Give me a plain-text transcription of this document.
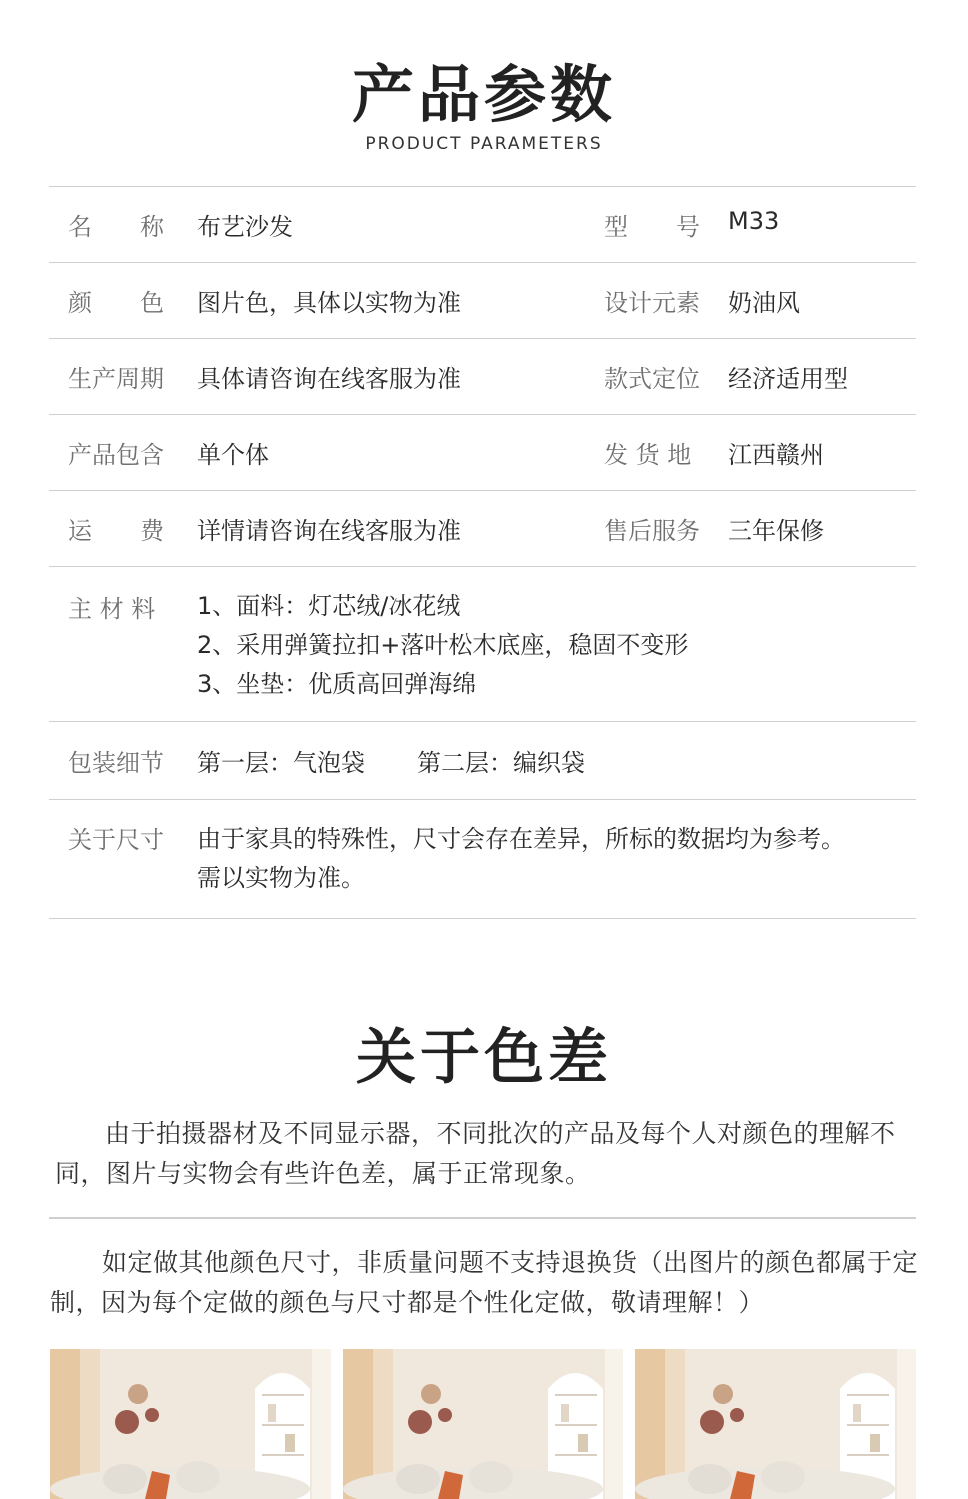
产品参数
PRODUCT PARAMETERS
名　　称 布艺沙发	型　　号 M33
颜　　色 图片色，具体以实物为准	设计元素 奶油风
生产周期 具体请咨询在线客服为准	款式定位 经济适用型
产品包含 单个体	发 货 地	江西赣州
运　　费 详情请咨询在线客服为准	售后服务 三年保修
主 材 料	1、面料：灯芯绒/冰花绒
2、采用弹簧拉扣+落叶松木底座，稳固不变形
3、坐垫：优质高回弹海绵
包装细节 第一层：气泡袋 第二层：编织袋
关于尺寸 由于家具的特殊性，尺寸会存在差异，所标的数据均为参考。
需以实物为准。
关于色差
由于拍摄器材及不同显示器，不同批次的产品及每个人对颜色的理解不同，图片与实物会有些许色差，属于正常现象。
如定做其他颜色尺寸，非质量问题不支持退换货（出图片的颜色都属于定制，因为每个定做的颜色与尺寸都是个性化定做，敬请理解！）
